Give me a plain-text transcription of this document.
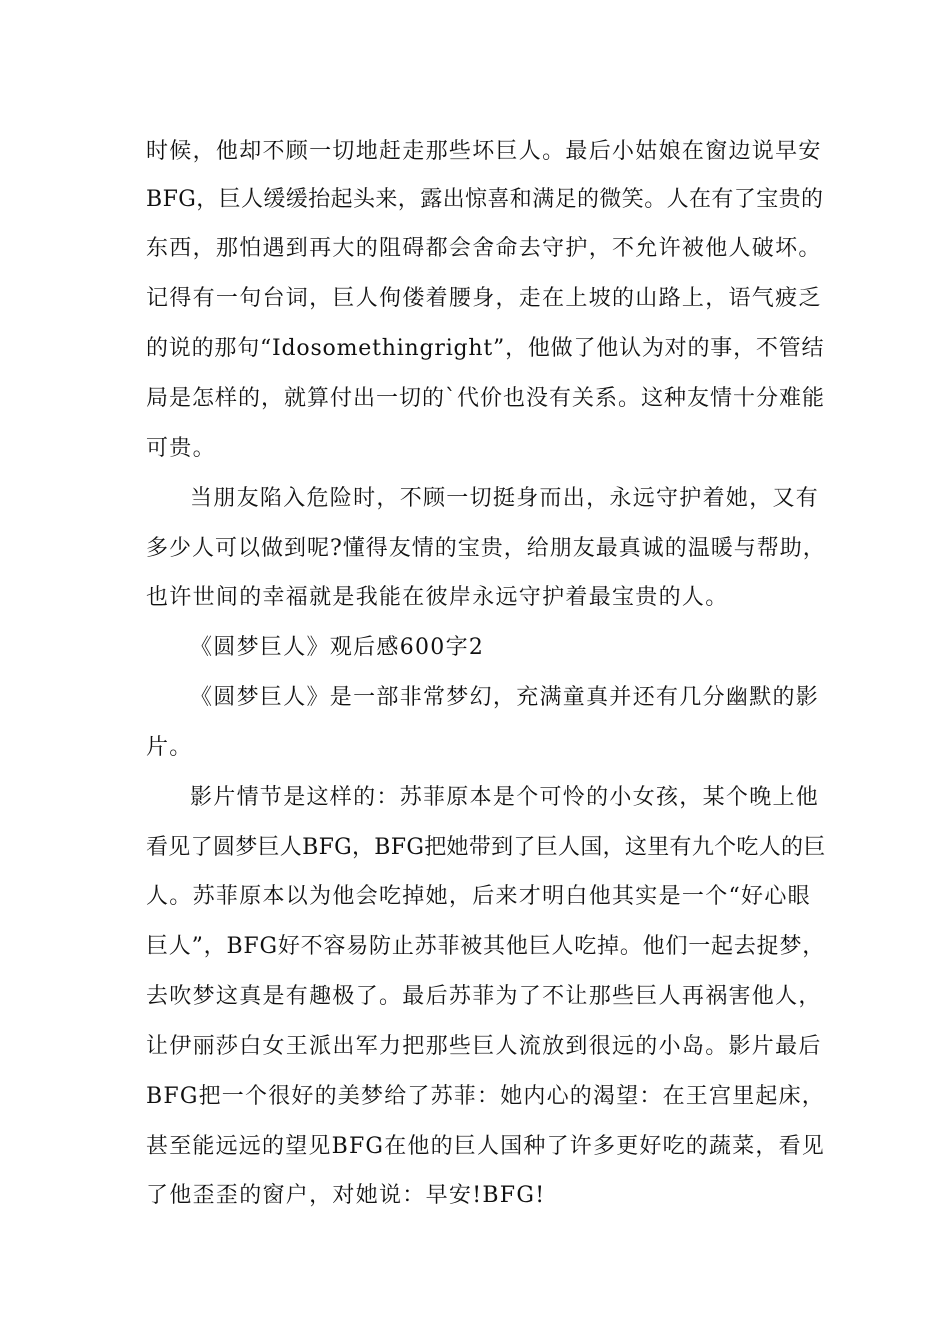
时候，他却不顾一切地赶走那些坏巨人。最后小姑娘在窗边说早安
BFG，巨人缓缓抬起头来，露出惊喜和满足的微笑。人在有了宝贵的
东西，那怕遇到再大的阻碍都会舍命去守护，不允许被他人破坏。
记得有一句台词，巨人佝偻着腰身，走在上坡的山路上，语气疲乏
的说的那句“Idosomethingright”，他做了他认为对的事，不管结
局是怎样的，就算付出一切的`代价也没有关系。这种友情十分难能
可贵。
当朋友陷入危险时，不顾一切挺身而出，永远守护着她，又有
多少人可以做到呢?懂得友情的宝贵，给朋友最真诚的温暖与帮助，
也许世间的幸福就是我能在彼岸永远守护着最宝贵的人。
《圆梦巨人》观后感600字2
《圆梦巨人》是一部非常梦幻，充满童真并还有几分幽默的影
片。
影片情节是这样的：苏菲原本是个可怜的小女孩，某个晚上他
看见了圆梦巨人BFG，BFG把她带到了巨人国，这里有九个吃人的巨
人。苏菲原本以为他会吃掉她，后来才明白他其实是一个“好心眼
巨人”，BFG好不容易防止苏菲被其他巨人吃掉。他们一起去捉梦，
去吹梦这真是有趣极了。最后苏菲为了不让那些巨人再祸害他人，
让伊丽莎白女王派出军力把那些巨人流放到很远的小岛。影片最后
BFG把一个很好的美梦给了苏菲：她内心的渴望：在王宫里起床，
甚至能远远的望见BFG在他的巨人国种了许多更好吃的蔬菜，看见
了他歪歪的窗户，对她说：早安!BFG!
